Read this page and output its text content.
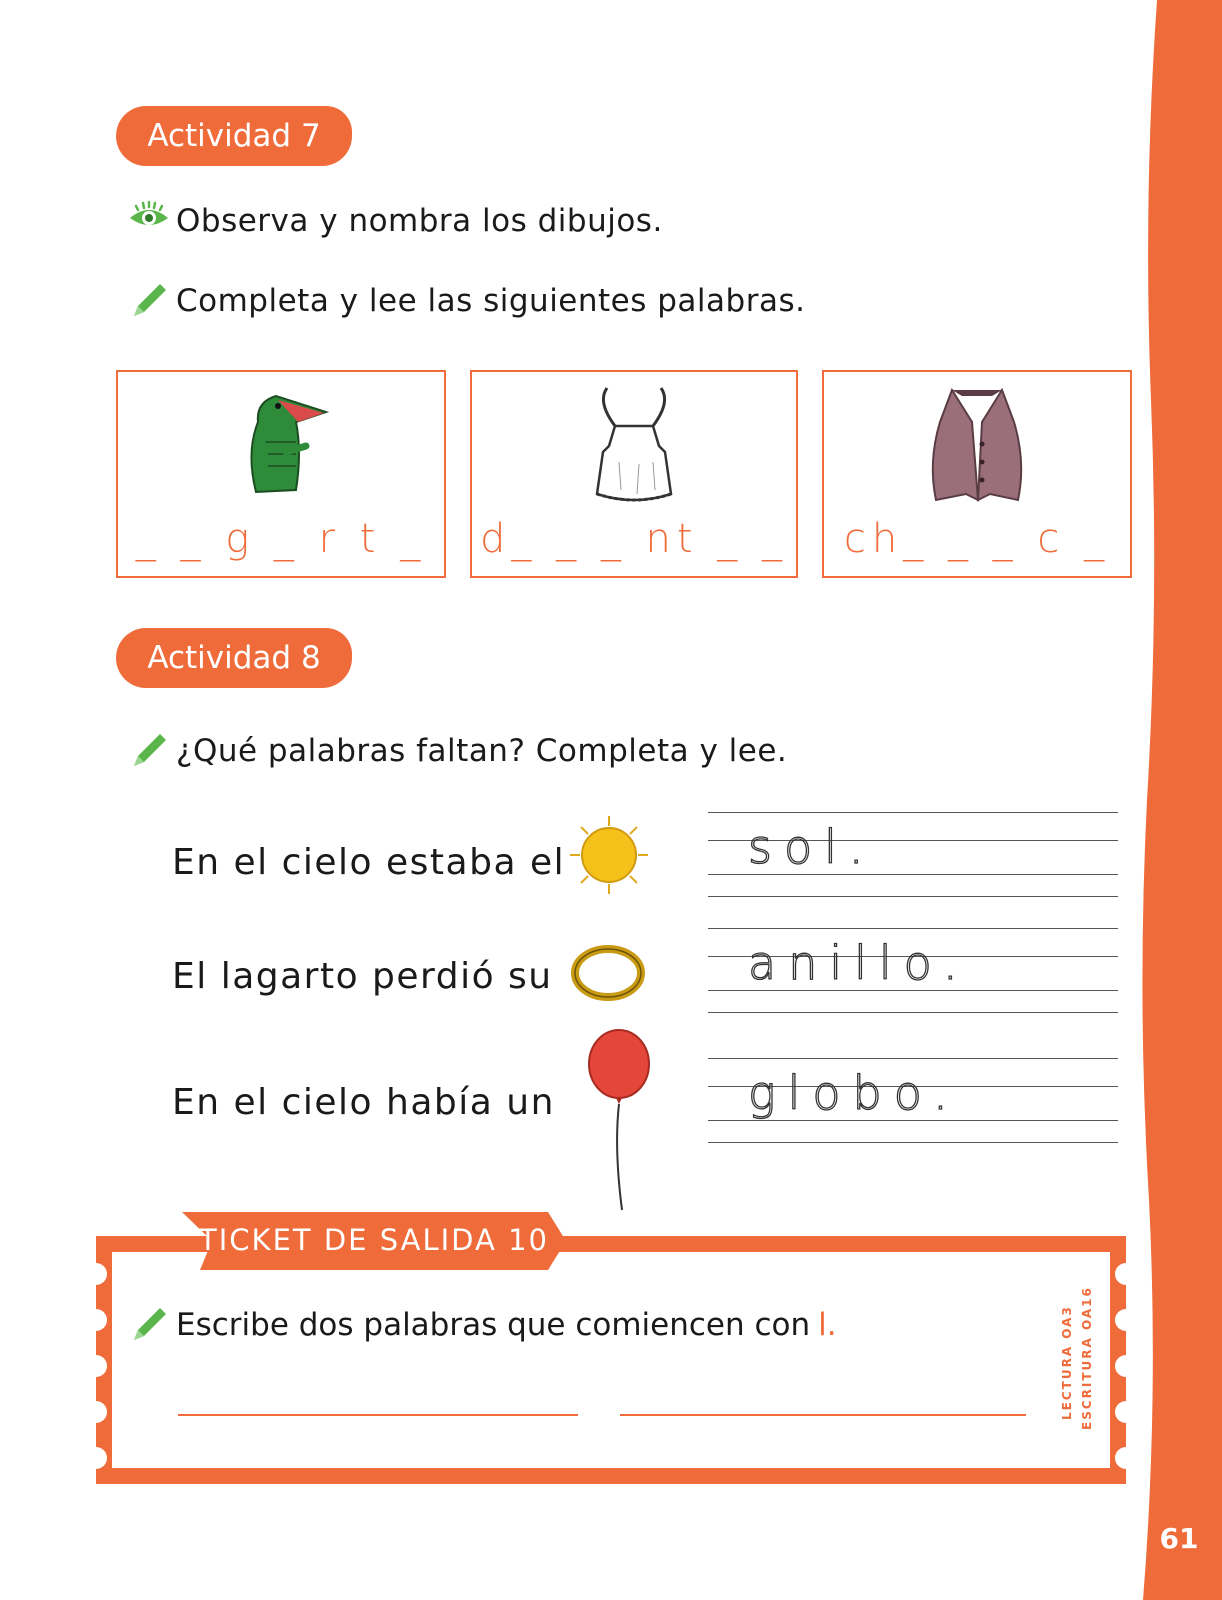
61
Actividad 7
Observa y nombra los dibujos.
Completa y lee las siguientes palabras.
_ _ g _ r t _	d_ _ _ nt _ _	ch_ _ _ c _
Actividad 8
¿Qué palabras faltan? Completa y lee.
En el cielo estaba el	sol.
El lagarto perdió su	anillo.
En el cielo había un	globo.
TICKET DE SALIDA 10
Escribe dos palabras que comiencen con l.	LECTURA OA3 ESCRITURA OA16
